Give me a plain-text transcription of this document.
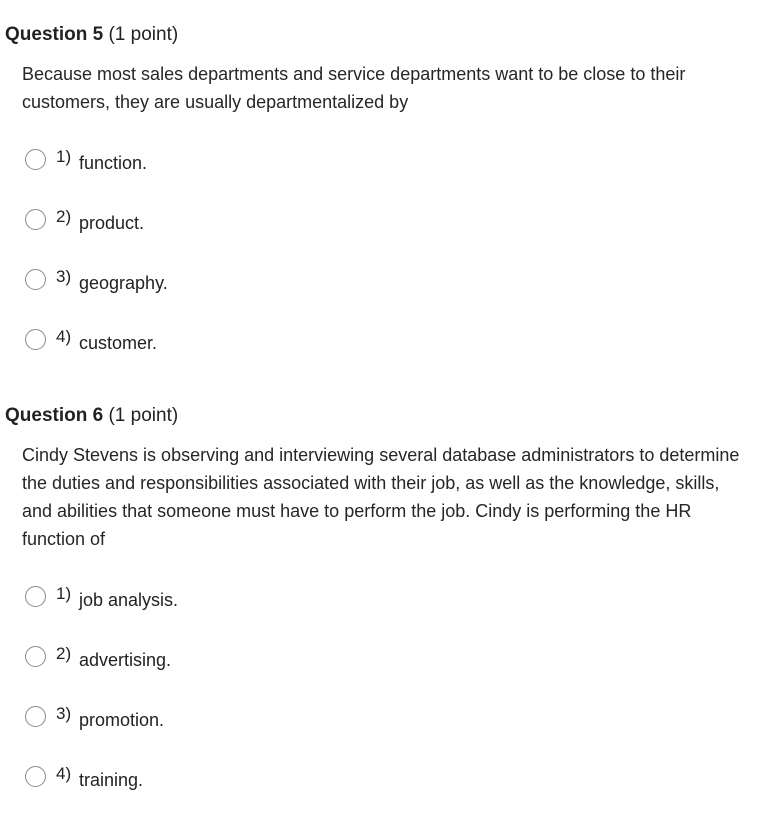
Question 5 (1 point)

Because most sales departments and service departments want to be close to their customers, they are usually departmentalized by

1) function.
2) product.
3) geography.
4) customer.
Question 6 (1 point)

Cindy Stevens is observing and interviewing several database administrators to determine the duties and responsibilities associated with their job, as well as the knowledge, skills, and abilities that someone must have to perform the job. Cindy is performing the HR function of

1) job analysis.
2) advertising.
3) promotion.
4) training.
